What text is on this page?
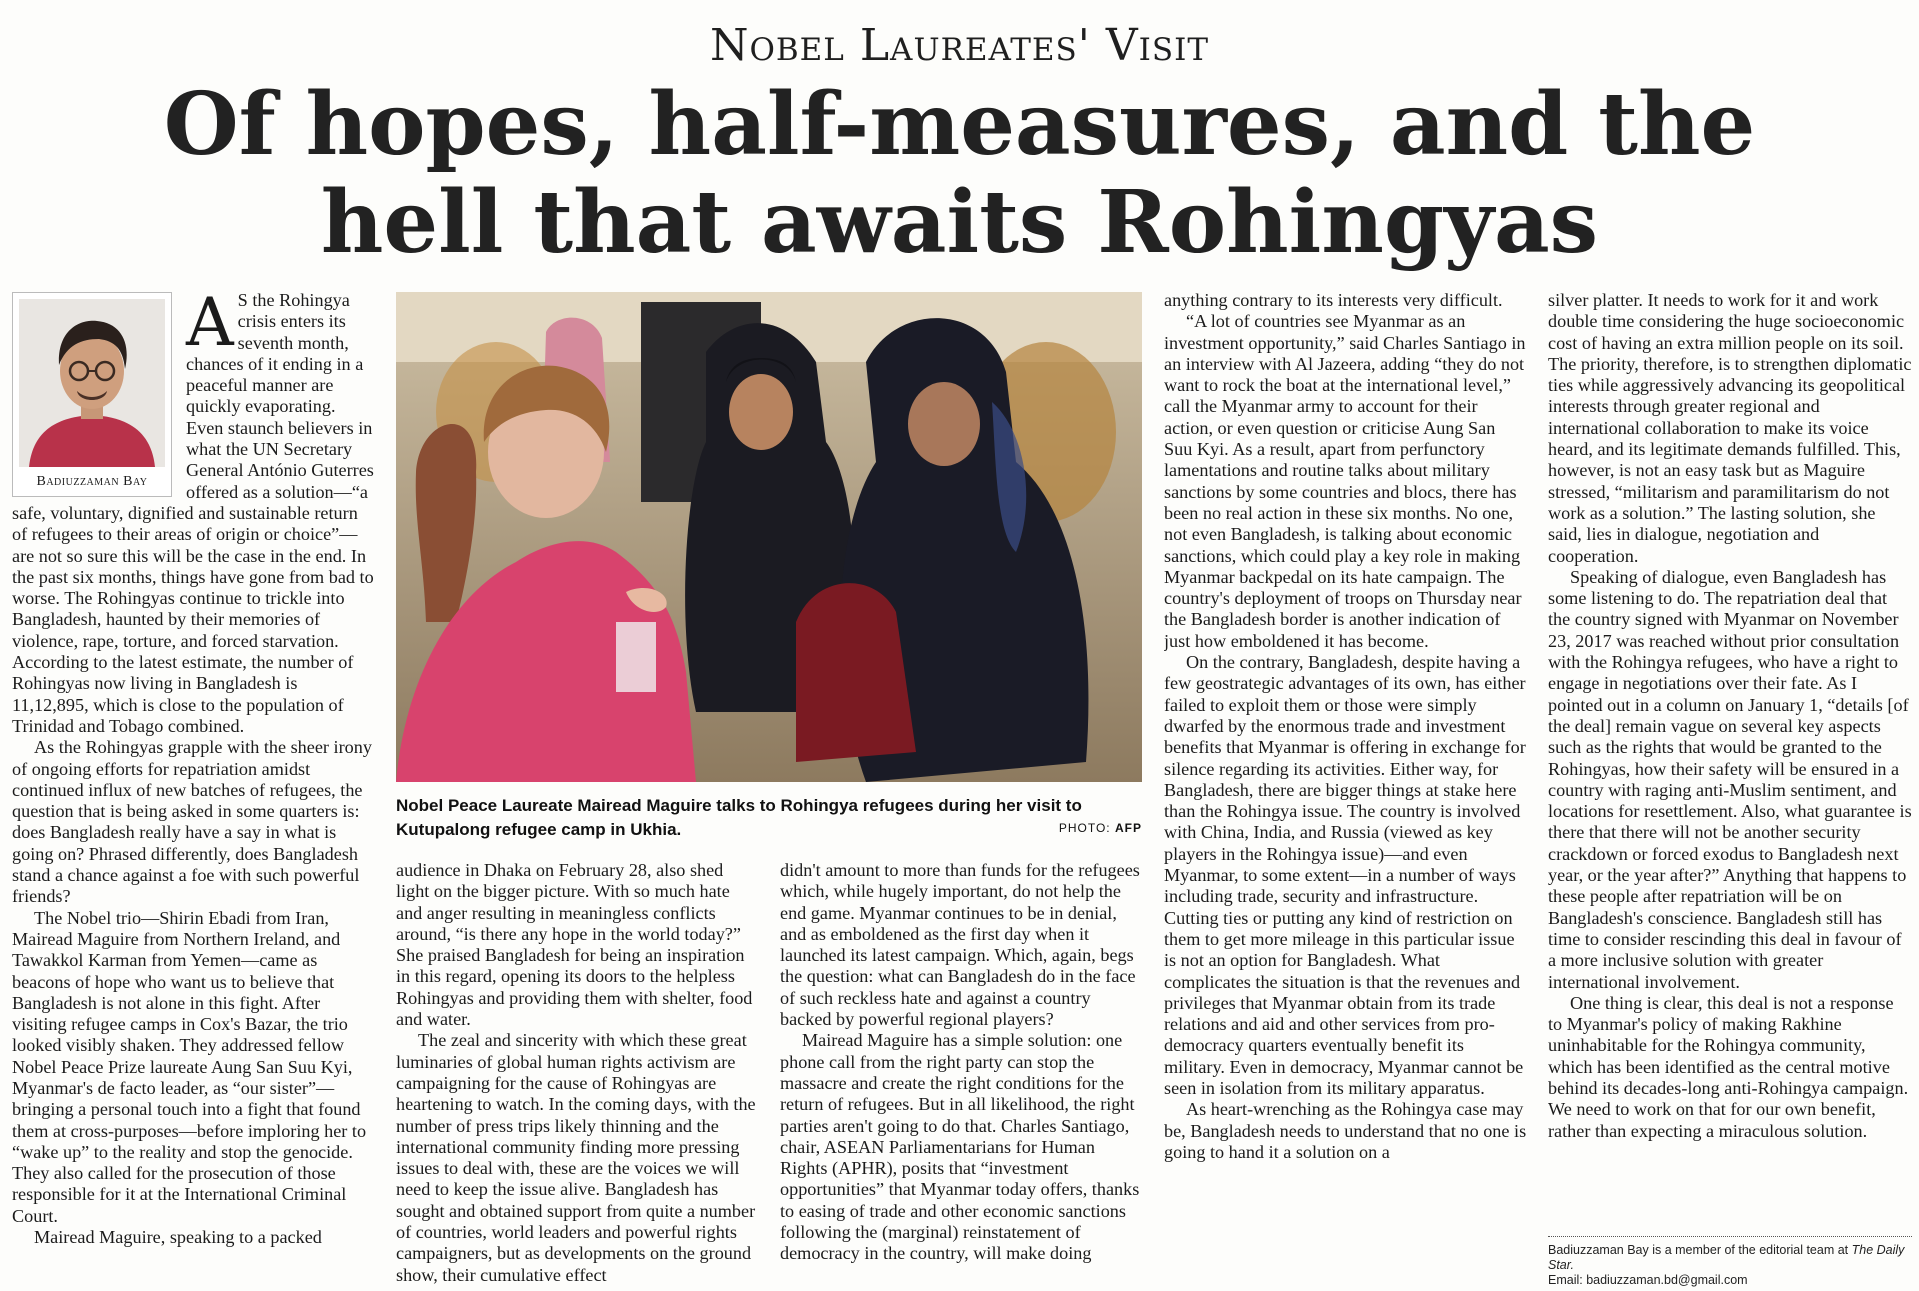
Nobel Laureates' Visit
Of hopes, half-measures, and the
hell that awaits Rohingyas
Badiuzzaman Bay
A S the Rohingya crisis enters its seventh month, chances of it ending in a peaceful manner are quickly evaporating. Even staunch believers in what the UN Secretary General António Guterres offered as a solution—“a safe, voluntary, dignified and sustainable return of refugees to their areas of origin or choice”—are not so sure this will be the case in the end. In the past six months, things have gone from bad to worse. The Rohingyas continue to trickle into Bangladesh, haunted by their memories of violence, rape, torture, and forced starvation. According to the latest estimate, the number of Rohingyas now living in Bangladesh is 11,12,895, which is close to the population of Trinidad and Tobago combined.

As the Rohingyas grapple with the sheer irony of ongoing efforts for repatriation amidst continued influx of new batches of refugees, the question that is being asked in some quarters is: does Bangladesh really have a say in what is going on? Phrased differently, does Bangladesh stand a chance against a foe with such powerful friends?

The Nobel trio—Shirin Ebadi from Iran, Mairead Maguire from Northern Ireland, and Tawakkol Karman from Yemen—came as beacons of hope who want us to believe that Bangladesh is not alone in this fight. After visiting refugee camps in Cox's Bazar, the trio looked visibly shaken. They addressed fellow Nobel Peace Prize laureate Aung San Suu Kyi, Myanmar's de facto leader, as “our sister”—bringing a personal touch into a fight that found them at cross-purposes—before imploring her to “wake up” to the reality and stop the genocide. They also called for the prosecution of those responsible for it at the International Criminal Court.

Mairead Maguire, speaking to a packed

Nobel Peace Laureate Mairead Maguire talks to Rohingya refugees during her visit to Kutupalong refugee camp in Ukhia.	PHOTO: AFP

audience in Dhaka on February 28, also shed light on the bigger picture. With so much hate and anger resulting in meaningless conflicts around, “is there any hope in the world today?” She praised Bangladesh for being an inspiration in this regard, opening its doors to the helpless Rohingyas and providing them with shelter, food and water.

The zeal and sincerity with which these great luminaries of global human rights activism are campaigning for the cause of Rohingyas are heartening to watch. In the coming days, with the number of press trips likely thinning and the international community finding more pressing issues to deal with, these are the voices we will need to keep the issue alive. Bangladesh has sought and obtained support from quite a number of countries, world leaders and powerful rights campaigners, but as developments on the ground show, their cumulative effect

didn't amount to more than funds for the refugees which, while hugely important, do not help the end game. Myanmar continues to be in denial, and as emboldened as the first day when it launched its latest campaign. Which, again, begs the question: what can Bangladesh do in the face of such reckless hate and against a country backed by powerful regional players?

Mairead Maguire has a simple solution: one phone call from the right party can stop the massacre and create the right conditions for the return of refugees. But in all likelihood, the right parties aren't going to do that. Charles Santiago, chair, ASEAN Parliamentarians for Human Rights (APHR), posits that “investment opportunities” that Myanmar today offers, thanks to easing of trade and other economic sanctions following the (marginal) reinstatement of democracy in the country, will make doing

anything contrary to its interests very difficult.

“A lot of countries see Myanmar as an investment opportunity,” said Charles Santiago in an interview with Al Jazeera, adding “they do not want to rock the boat at the international level,” call the Myanmar army to account for their action, or even question or criticise Aung San Suu Kyi. As a result, apart from perfunctory lamentations and routine talks about military sanctions by some countries and blocs, there has been no real action in these six months. No one, not even Bangladesh, is talking about economic sanctions, which could play a key role in making Myanmar backpedal on its hate campaign. The country's deployment of troops on Thursday near the Bangladesh border is another indication of just how emboldened it has become.

On the contrary, Bangladesh, despite having a few geostrategic advantages of its own, has either failed to exploit them or those were simply dwarfed by the enormous trade and investment benefits that Myanmar is offering in exchange for silence regarding its activities. Either way, for Bangladesh, there are bigger things at stake here than the Rohingya issue. The country is involved with China, India, and Russia (viewed as key players in the Rohingya issue)—and even Myanmar, to some extent—in a number of ways including trade, security and infrastructure. Cutting ties or putting any kind of restriction on them to get more mileage in this particular issue is not an option for Bangladesh. What complicates the situation is that the revenues and privileges that Myanmar obtain from its trade relations and aid and other services from pro-democracy quarters eventually benefit its military. Even in democracy, Myanmar cannot be seen in isolation from its military apparatus.

As heart-wrenching as the Rohingya case may be, Bangladesh needs to understand that no one is going to hand it a solution on a

silver platter. It needs to work for it and work double time considering the huge socioeconomic cost of having an extra million people on its soil. The priority, therefore, is to strengthen diplomatic ties while aggressively advancing its geopolitical interests through greater regional and international collaboration to make its voice heard, and its legitimate demands fulfilled. This, however, is not an easy task but as Maguire stressed, “militarism and paramilitarism do not work as a solution.” The lasting solution, she said, lies in dialogue, negotiation and cooperation.

Speaking of dialogue, even Bangladesh has some listening to do. The repatriation deal that the country signed with Myanmar on November 23, 2017 was reached without prior consultation with the Rohingya refugees, who have a right to engage in negotiations over their fate. As I pointed out in a column on January 1, “details [of the deal] remain vague on several key aspects such as the rights that would be granted to the Rohingyas, how their safety will be ensured in a country with raging anti-Muslim sentiment, and locations for resettlement. Also, what guarantee is there that there will not be another security crackdown or forced exodus to Bangladesh next year, or the year after?” Anything that happens to these people after repatriation will be on Bangladesh's conscience. Bangladesh still has time to consider rescinding this deal in favour of a more inclusive solution with greater international involvement.

One thing is clear, this deal is not a response to Myanmar's policy of making Rakhine uninhabitable for the Rohingya community, which has been identified as the central motive behind its decades-long anti-Rohingya campaign. We need to work on that for our own benefit, rather than expecting a miraculous solution.

Badiuzzaman Bay is a member of the editorial team at The Daily Star.
Email: badiuzzaman.bd@gmail.com
